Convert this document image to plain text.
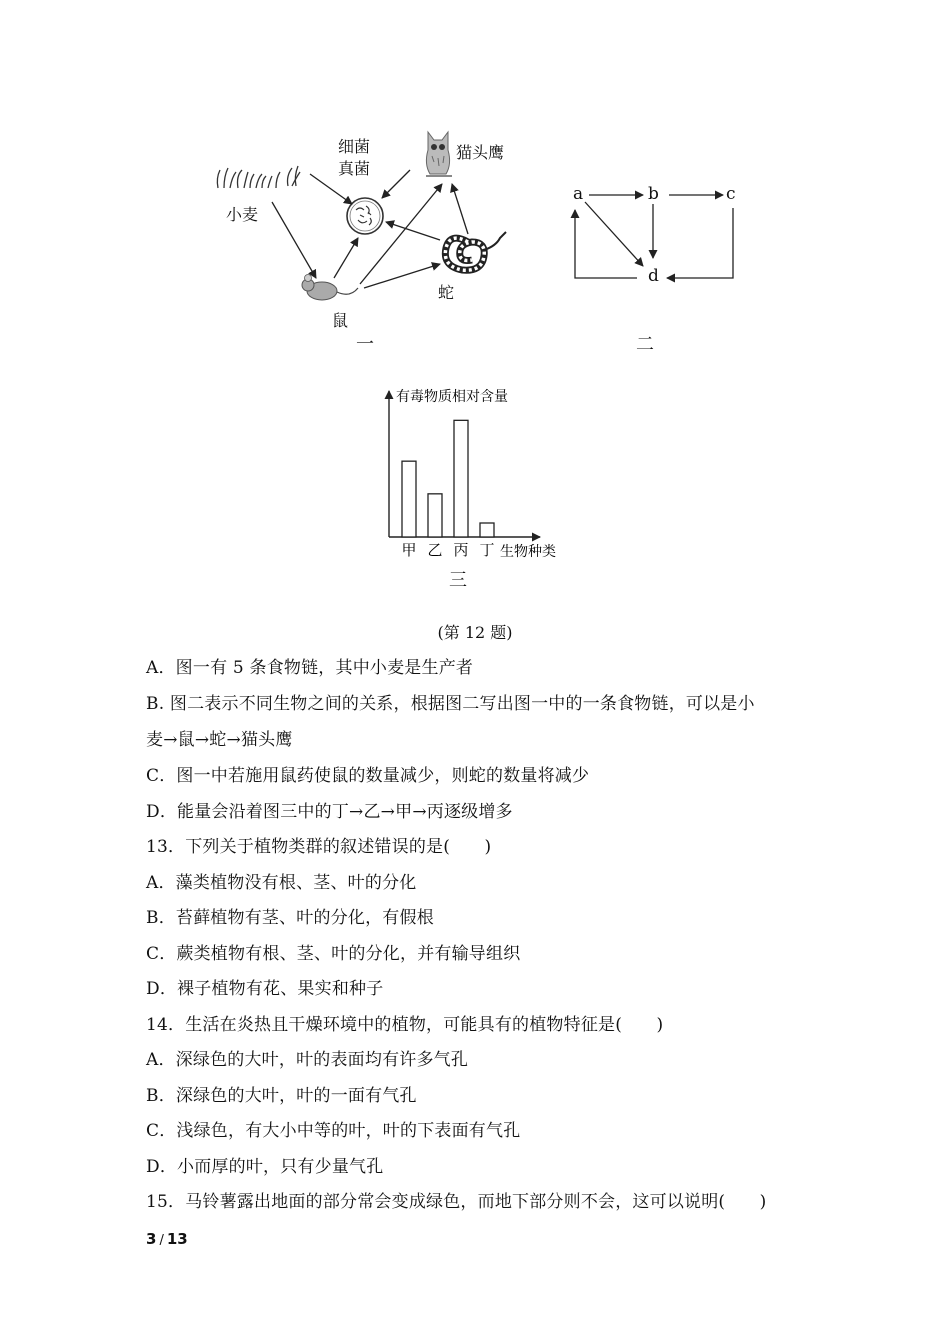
细菌
真菌
猫头鹰
小麦
鼠
蛇
一
a	b	c
d
二
甲 乙 丙 丁
有毒物质相对含量
生物种类
三
(第 12 题)
A．图一有 5 条食物链，其中小麦是生产者
B. 图二表示不同生物之间的关系，根据图二写出图一中的一条食物链，可以是小
麦→鼠→蛇→猫头鹰
C．图一中若施用鼠药使鼠的数量减少，则蛇的数量将减少
D．能量会沿着图三中的丁→乙→甲→丙逐级增多
13．下列关于植物类群的叙述错误的是(　　)
A．藻类植物没有根、茎、叶的分化
B．苔藓植物有茎、叶的分化，有假根
C．蕨类植物有根、茎、叶的分化，并有输导组织
D．裸子植物有花、果实和种子
14．生活在炎热且干燥环境中的植物，可能具有的植物特征是(　　)
A．深绿色的大叶，叶的表面均有许多气孔
B．深绿色的大叶，叶的一面有气孔
C．浅绿色，有大小中等的叶，叶的下表面有气孔
D．小而厚的叶，只有少量气孔
15．马铃薯露出地面的部分常会变成绿色，而地下部分则不会，这可以说明(　　)
3 / 13
